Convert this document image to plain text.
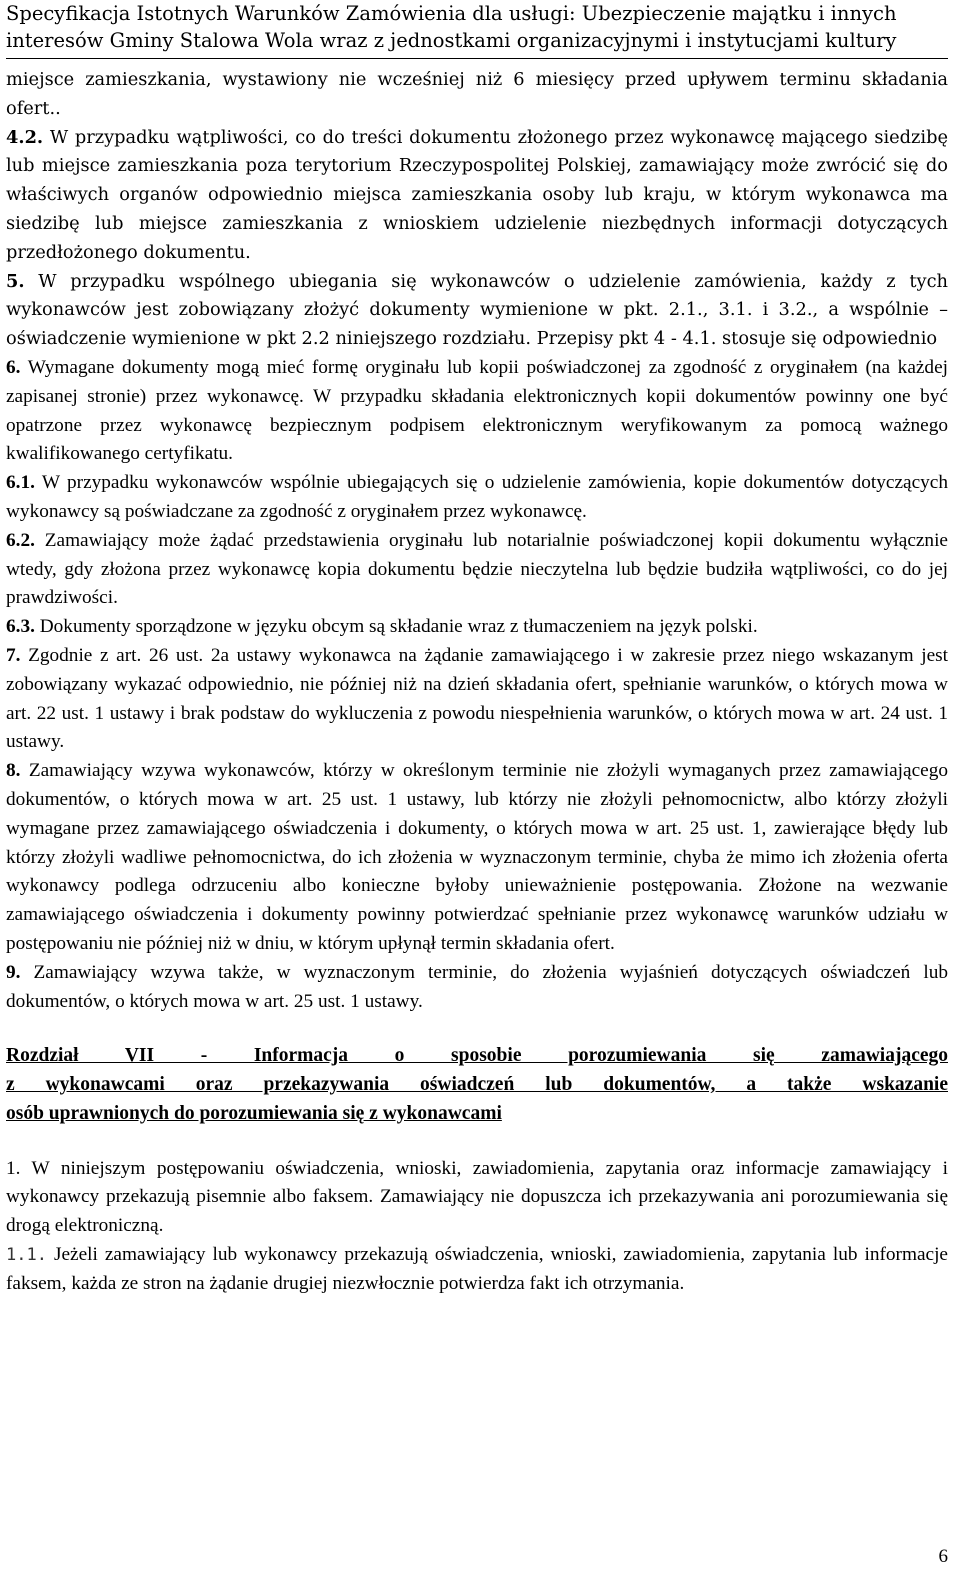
Specyfikacja Istotnych Warunków Zamówienia dla usługi: Ubezpieczenie majątku i innych
interesów Gminy Stalowa Wola wraz z jednostkami organizacyjnymi i instytucjami kultury

miejsce zamieszkania, wystawiony nie wcześniej niż 6 miesięcy przed upływem terminu składania ofert..

4.2. W przypadku wątpliwości, co do treści dokumentu złożonego przez wykonawcę mającego siedzibę lub miejsce zamieszkania poza terytorium Rzeczypospolitej Polskiej, zamawiający może zwrócić się do właściwych organów odpowiednio miejsca zamieszkania osoby lub kraju, w którym wykonawca ma siedzibę lub miejsce zamieszkania z wnioskiem udzielenie niezbędnych informacji dotyczących przedłożonego dokumentu.

5. W przypadku wspólnego ubiegania się wykonawców o udzielenie zamówienia, każdy z tych wykonawców jest zobowiązany złożyć dokumenty wymienione w pkt. 2.1., 3.1. i 3.2., a wspólnie – oświadczenie wymienione w pkt 2.2 niniejszego rozdziału. Przepisy pkt 4 - 4.1. stosuje się odpowiednio

6. Wymagane dokumenty mogą mieć formę oryginału lub kopii poświadczonej za zgodność z oryginałem (na każdej zapisanej stronie) przez wykonawcę. W przypadku składania elektronicznych kopii dokumentów powinny one być opatrzone przez wykonawcę bezpiecznym podpisem elektronicznym weryfikowanym za pomocą ważnego kwalifikowanego certyfikatu.

6.1. W przypadku wykonawców wspólnie ubiegających się o udzielenie zamówienia, kopie dokumentów dotyczących wykonawcy są poświadczane za zgodność z oryginałem przez wykonawcę.

6.2. Zamawiający może żądać przedstawienia oryginału lub notarialnie poświadczonej kopii dokumentu wyłącznie wtedy, gdy złożona przez wykonawcę kopia dokumentu będzie nieczytelna lub będzie budziła wątpliwości, co do jej prawdziwości.

6.3. Dokumenty sporządzone w języku obcym są składanie wraz z tłumaczeniem na język polski.

7. Zgodnie z art. 26 ust. 2a ustawy wykonawca na żądanie zamawiającego i w zakresie przez niego wskazanym jest zobowiązany wykazać odpowiednio, nie później niż na dzień składania ofert, spełnianie warunków, o których mowa w art. 22 ust. 1 ustawy i brak podstaw do wykluczenia z powodu niespełnienia warunków, o których mowa w art. 24 ust. 1 ustawy.

8. Zamawiający wzywa wykonawców, którzy w określonym terminie nie złożyli wymaganych przez zamawiającego dokumentów, o których mowa w art. 25 ust. 1 ustawy, lub którzy nie złożyli pełnomocnictw, albo którzy złożyli wymagane przez zamawiającego oświadczenia i dokumenty, o których mowa w art. 25 ust. 1, zawierające błędy lub którzy złożyli wadliwe pełnomocnictwa, do ich złożenia w wyznaczonym terminie, chyba że mimo ich złożenia oferta wykonawcy podlega odrzuceniu albo konieczne byłoby unieważnienie postępowania. Złożone na wezwanie zamawiającego oświadczenia i dokumenty powinny potwierdzać spełnianie przez wykonawcę warunków udziału w postępowaniu nie później niż w dniu, w którym upłynął termin składania ofert.

9. Zamawiający wzywa także, w wyznaczonym terminie, do złożenia wyjaśnień dotyczących oświadczeń lub dokumentów, o których mowa w art. 25 ust. 1 ustawy.

Rozdział VII - Informacja o sposobie porozumiewania się zamawiającego
z wykonawcami oraz przekazywania oświadczeń lub dokumentów, a także wskazanie
osób uprawnionych do porozumiewania się z wykonawcami

1. W niniejszym postępowaniu oświadczenia, wnioski, zawiadomienia, zapytania oraz informacje zamawiający i wykonawcy przekazują pisemnie albo faksem. Zamawiający nie dopuszcza ich przekazywania ani porozumiewania się drogą elektroniczną.

1.1. Jeżeli zamawiający lub wykonawcy przekazują oświadczenia, wnioski, zawiadomienia, zapytania lub informacje faksem, każda ze stron na żądanie drugiej niezwłocznie potwierdza fakt ich otrzymania.

6
